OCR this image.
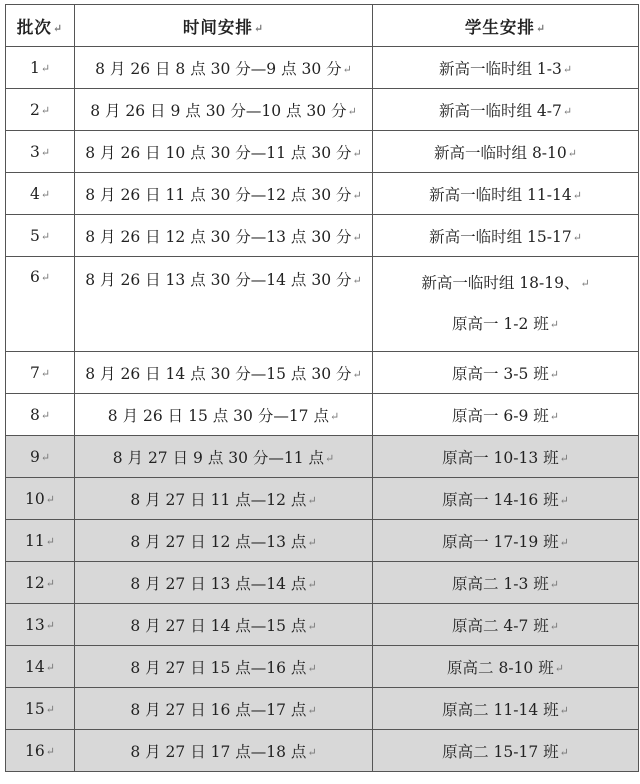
批次↵	时间安排↵	学生安排↵
1↵	8 月 26 日 8 点 30 分—9 点 30 分↵	新高一临时组 1-3↵

2↵	8 月 26 日 9 点 30 分—10 点 30 分↵	新高一临时组 4-7↵

3↵	8 月 26 日 10 点 30 分—11 点 30 分↵	新高一临时组 8-10↵

4↵	8 月 26 日 11 点 30 分—12 点 30 分↵	新高一临时组 11-14↵

5↵	8 月 26 日 12 点 30 分—13 点 30 分↵	新高一临时组 15-17↵

6↵	8 月 26 日 13 点 30 分—14 点 30 分↵	新高一临时组 18-19、↵
原高一 1-2 班↵

7↵	8 月 26 日 14 点 30 分—15 点 30 分↵	原高一 3-5 班↵

8↵	8 月 26 日 15 点 30 分—17 点↵	原高一 6-9 班↵

9↵	8 月 27 日 9 点 30 分—11 点↵	原高一 10-13 班↵

10↵	8 月 27 日 11 点—12 点↵	原高一 14-16 班↵

11↵	8 月 27 日 12 点—13 点↵	原高一 17-19 班↵

12↵	8 月 27 日 13 点—14 点↵	原高二 1-3 班↵

13↵	8 月 27 日 14 点—15 点↵	原高二 4-7 班↵

14↵	8 月 27 日 15 点—16 点↵	原高二 8-10 班↵

15↵	8 月 27 日 16 点—17 点↵	原高二 11-14 班↵

16↵	8 月 27 日 17 点—18 点↵	原高二 15-17 班↵
